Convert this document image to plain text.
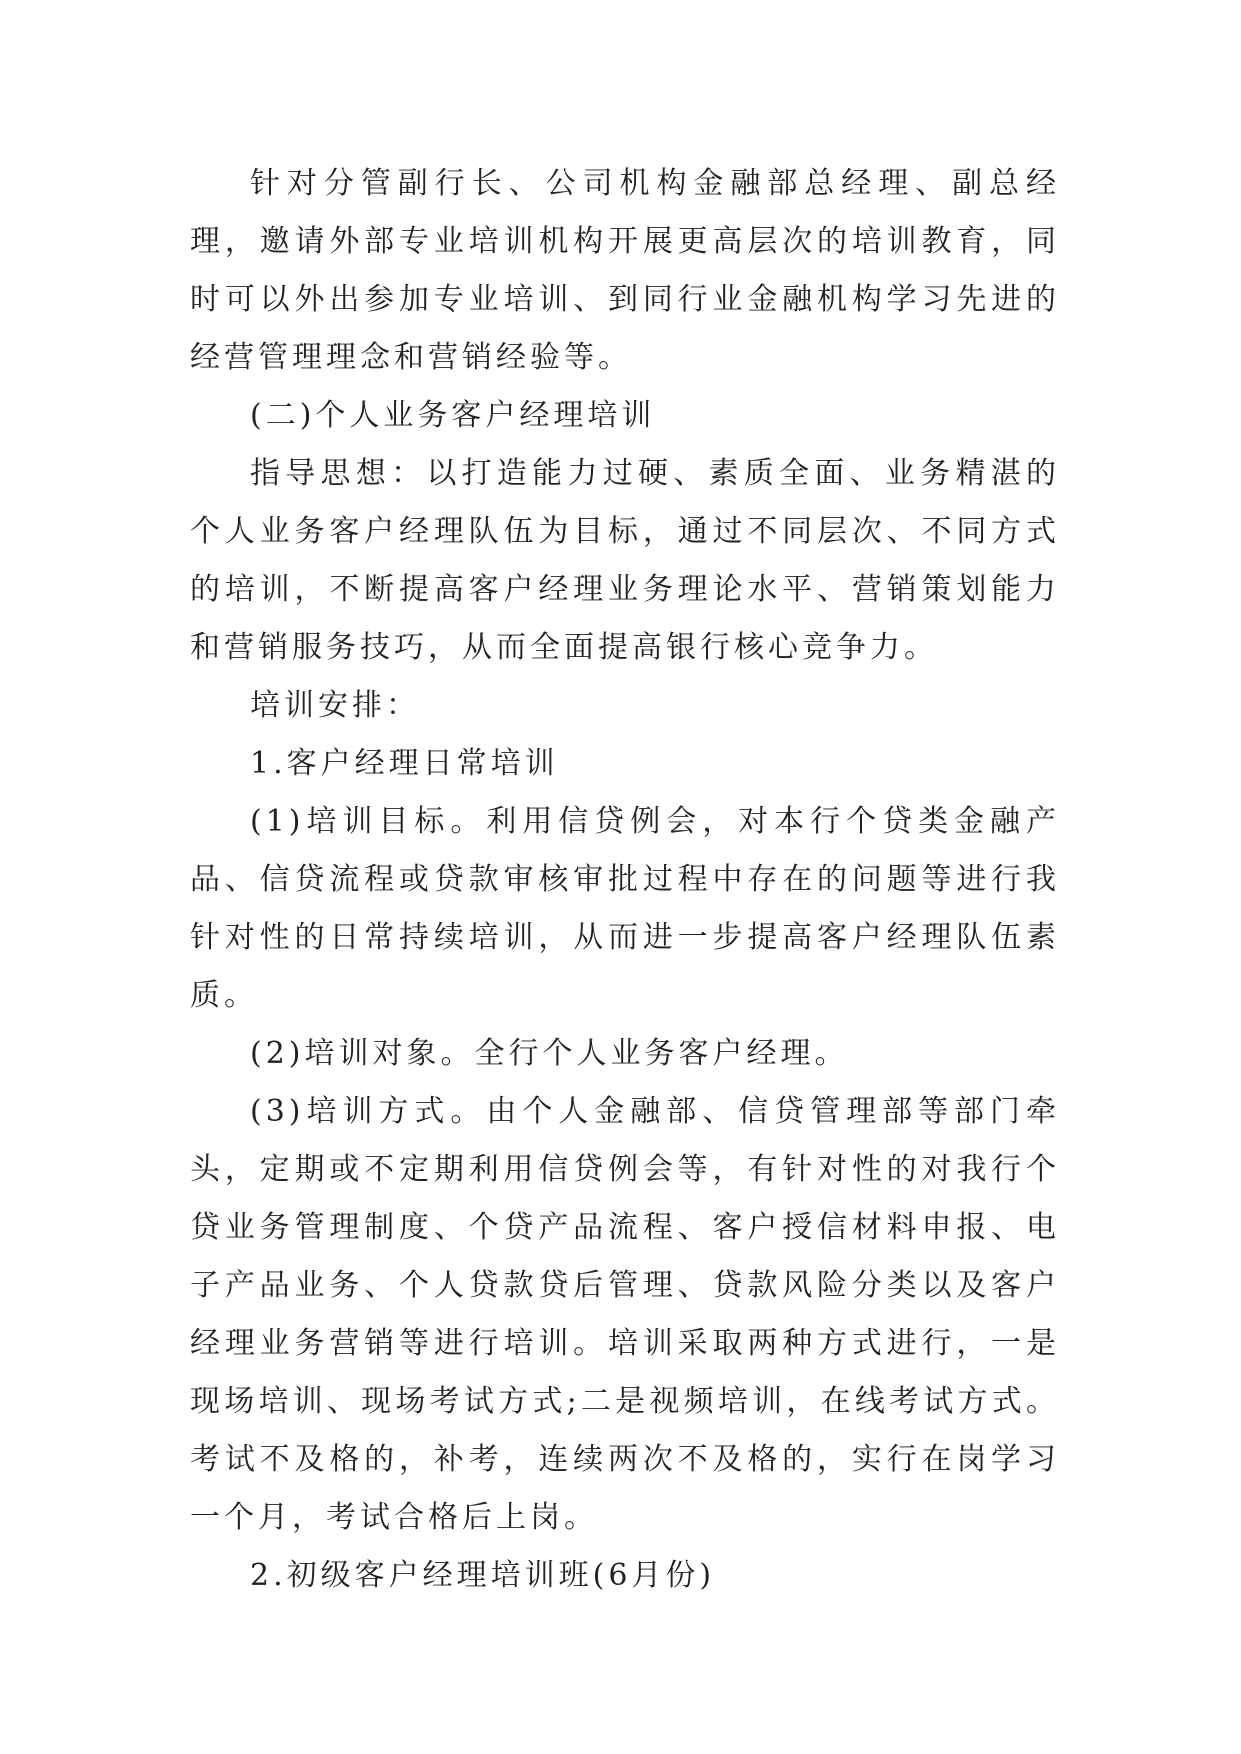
针对分管副行长、公司机构金融部总经理、副总经理，邀请外部专业培训机构开展更高层次的培训教育，同时可以外出参加专业培训、到同行业金融机构学习先进的经营管理理念和营销经验等。

(二)个人业务客户经理培训

指导思想：以打造能力过硬、素质全面、业务精湛的个人业务客户经理队伍为目标，通过不同层次、不同方式的培训，不断提高客户经理业务理论水平、营销策划能力和营销服务技巧，从而全面提高银行核心竞争力。

培训安排：

1.客户经理日常培训

(1)培训目标。利用信贷例会，对本行个贷类金融产品、信贷流程或贷款审核审批过程中存在的问题等进行我针对性的日常持续培训，从而进一步提高客户经理队伍素质。

(2)培训对象。全行个人业务客户经理。

(3)培训方式。由个人金融部、信贷管理部等部门牵头，定期或不定期利用信贷例会等，有针对性的对我行个贷业务管理制度、个贷产品流程、客户授信材料申报、电子产品业务、个人贷款贷后管理、贷款风险分类以及客户经理业务营销等进行培训。培训采取两种方式进行，一是现场培训、现场考试方式;二是视频培训，在线考试方式。考试不及格的，补考，连续两次不及格的，实行在岗学习一个月，考试合格后上岗。

2.初级客户经理培训班(6月份)
